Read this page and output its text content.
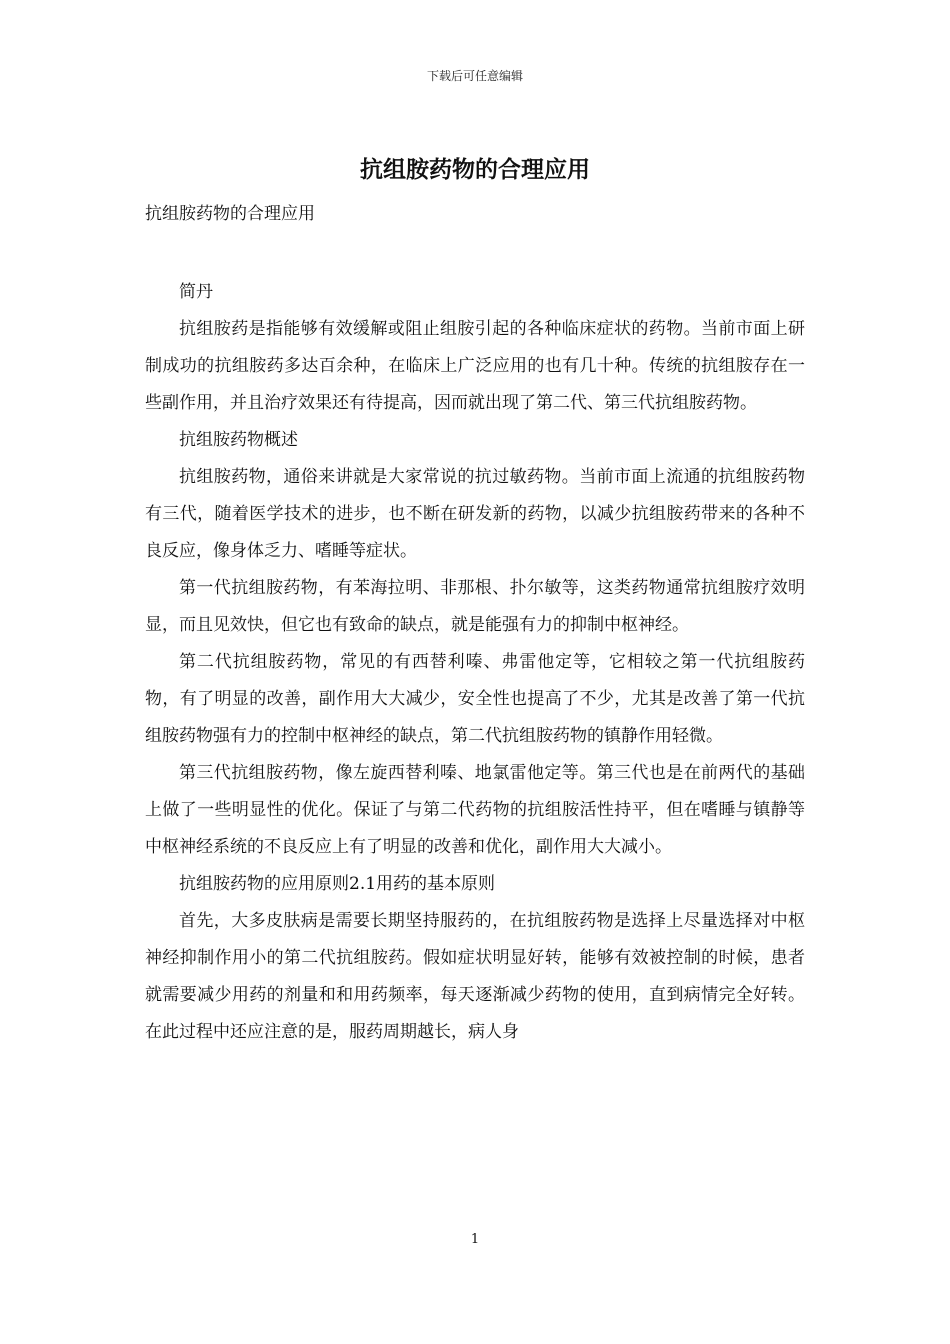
下载后可任意编辑
抗组胺药物的合理应用

抗组胺药物的合理应用

简丹

抗组胺药是指能够有效缓解或阻止组胺引起的各种临床症状的药物。当前市面上研制成功的抗组胺药多达百余种，在临床上广泛应用的也有几十种。传统的抗组胺存在一些副作用，并且治疗效果还有待提高，因而就出现了第二代、第三代抗组胺药物。

抗组胺药物概述

抗组胺药物，通俗来讲就是大家常说的抗过敏药物。当前市面上流通的抗组胺药物有三代，随着医学技术的进步，也不断在研发新的药物，以减少抗组胺药带来的各种不良反应，像身体乏力、嗜睡等症状。

第一代抗组胺药物，有苯海拉明、非那根、扑尔敏等，这类药物通常抗组胺疗效明显，而且见效快，但它也有致命的缺点，就是能强有力的抑制中枢神经。

第二代抗组胺药物，常见的有西替利嗪、弗雷他定等，它相较之第一代抗组胺药物，有了明显的改善，副作用大大减少，安全性也提高了不少，尤其是改善了第一代抗组胺药物强有力的控制中枢神经的缺点，第二代抗组胺药物的镇静作用轻微。

第三代抗组胺药物，像左旋西替利嗪、地氯雷他定等。第三代也是在前两代的基础上做了一些明显性的优化。保证了与第二代药物的抗组胺活性持平，但在嗜睡与镇静等中枢神经系统的不良反应上有了明显的改善和优化，副作用大大减小。

抗组胺药物的应用原则2.1用药的基本原则

首先，大多皮肤病是需要长期坚持服药的，在抗组胺药物是选择上尽量选择对中枢神经抑制作用小的第二代抗组胺药。假如症状明显好转，能够有效被控制的时候，患者就需要减少用药的剂量和和用药频率，每天逐渐减少药物的使用，直到病情完全好转。在此过程中还应注意的是，服药周期越长，病人身

1
